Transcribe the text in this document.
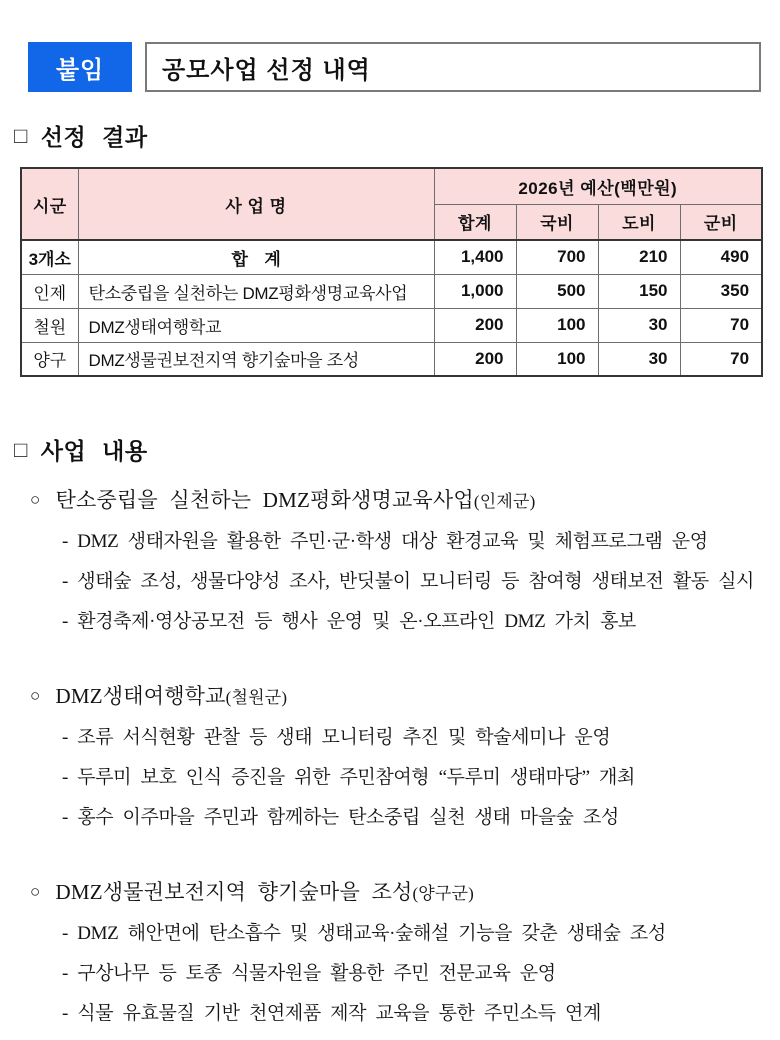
붙임	공모사업 선정 내역
□ 선정 결과
시군	사 업 명	2026년 예산(백만원)			
		합계	국비	도비	군비
3개소	합　계	1,400	700	210	490
인제	탄소중립을 실천하는 DMZ평화생명교육사업	1,000	500	150	350
철원	DMZ생태여행학교	200	100	30	70
양구	DMZ생물권보전지역 향기숲마을 조성	200	100	30	70
□ 사업 내용
○ 탄소중립을 실천하는 DMZ평화생명교육사업(인제군)
- DMZ 생태자원을 활용한 주민·군·학생 대상 환경교육 및 체험프로그램 운영
- 생태숲 조성, 생물다양성 조사, 반딧불이 모니터링 등 참여형 생태보전 활동 실시
- 환경축제·영상공모전 등 행사 운영 및 온·오프라인 DMZ 가치 홍보
○ DMZ생태여행학교(철원군)
- 조류 서식현황 관찰 등 생태 모니터링 추진 및 학술세미나 운영
- 두루미 보호 인식 증진을 위한 주민참여형 “두루미 생태마당” 개최
- 홍수 이주마을 주민과 함께하는 탄소중립 실천 생태 마을숲 조성
○ DMZ생물권보전지역 향기숲마을 조성(양구군)
- DMZ 해안면에 탄소흡수 및 생태교육·숲해설 기능을 갖춘 생태숲 조성
- 구상나무 등 토종 식물자원을 활용한 주민 전문교육 운영
- 식물 유효물질 기반 천연제품 제작 교육을 통한 주민소득 연계
